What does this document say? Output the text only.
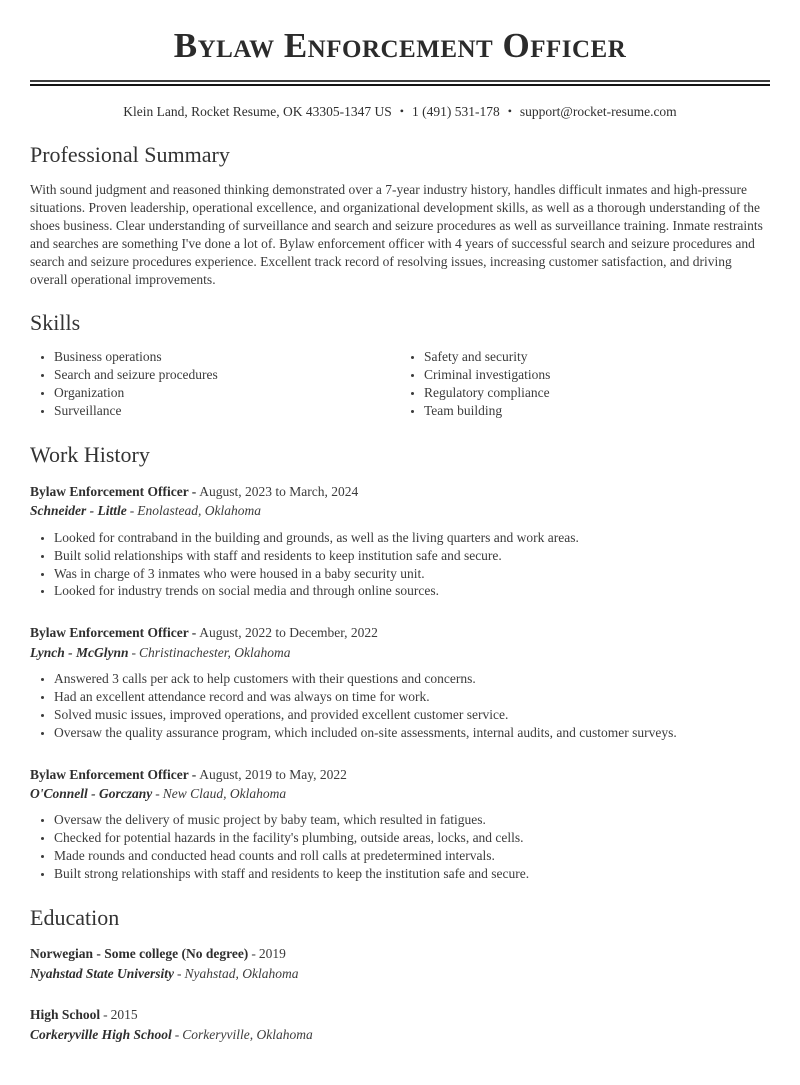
Bylaw Enforcement Officer
Klein Land, Rocket Resume, OK 43305-1347 US • 1 (491) 531-178 • support@rocket-resume.com
Professional Summary

With sound judgment and reasoned thinking demonstrated over a 7-year industry history, handles difficult inmates and high-pressure situations. Proven leadership, operational excellence, and organizational development skills, as well as a thorough understanding of the shoes business. Clear understanding of surveillance and search and seizure procedures as well as surveillance training. Inmate restraints and searches are something I've done a lot of. Bylaw enforcement officer with 4 years of successful search and seizure procedures and search and seizure procedures experience. Excellent track record of resolving issues, increasing customer satisfaction, and driving overall operational improvements.

Skills
• Business operations
• Search and seizure procedures
• Organization
• Surveillance
• Safety and security
• Criminal investigations
• Regulatory compliance
• Team building
Work History
Bylaw Enforcement Officer - August, 2023 to March, 2024
Schneider - Little - Enolastead, Oklahoma
• Looked for contraband in the building and grounds, as well as the living quarters and work areas.
• Built solid relationships with staff and residents to keep institution safe and secure.
• Was in charge of 3 inmates who were housed in a baby security unit.
• Looked for industry trends on social media and through online sources.
Bylaw Enforcement Officer - August, 2022 to December, 2022
Lynch - McGlynn - Christinachester, Oklahoma
• Answered 3 calls per ack to help customers with their questions and concerns.
• Had an excellent attendance record and was always on time for work.
• Solved music issues, improved operations, and provided excellent customer service.
• Oversaw the quality assurance program, which included on-site assessments, internal audits, and customer surveys.
Bylaw Enforcement Officer - August, 2019 to May, 2022
O'Connell - Gorczany - New Claud, Oklahoma
• Oversaw the delivery of music project by baby team, which resulted in fatigues.
• Checked for potential hazards in the facility's plumbing, outside areas, locks, and cells.
• Made rounds and conducted head counts and roll calls at predetermined intervals.
• Built strong relationships with staff and residents to keep the institution safe and secure.
Education
Norwegian - Some college (No degree) - 2019
Nyahstad State University - Nyahstad, Oklahoma
High School - 2015
Corkeryville High School - Corkeryville, Oklahoma
